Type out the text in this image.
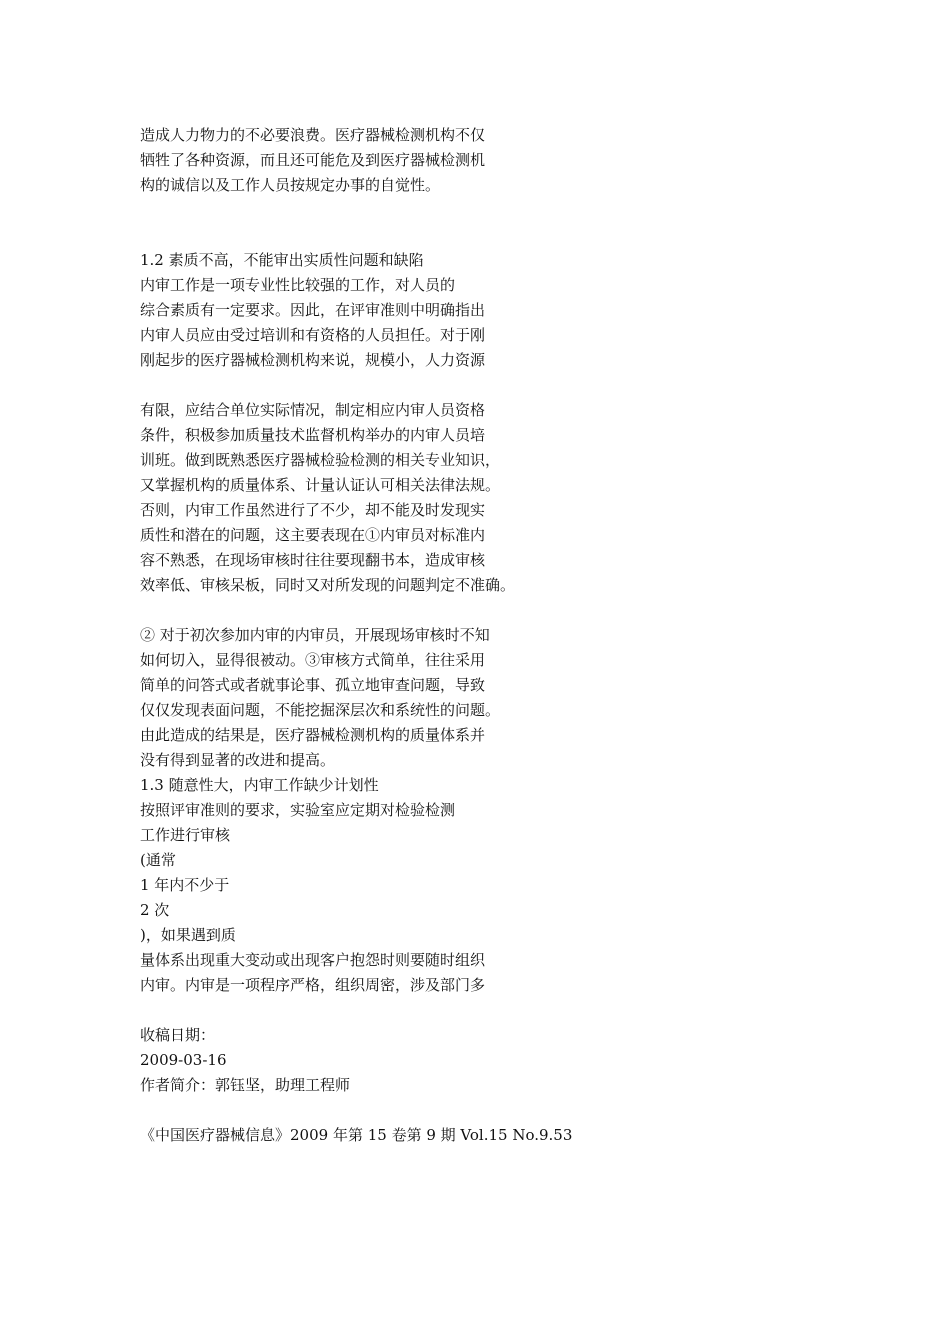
造成人力物力的不必要浪费。医疗器械检测机构不仅
牺牲了各种资源，而且还可能危及到医疗器械检测机
构的诚信以及工作人员按规定办事的自觉性。
1.2 素质不高，不能审出实质性问题和缺陷
内审工作是一项专业性比较强的工作，对人员的
综合素质有一定要求。因此，在评审准则中明确指出
内审人员应由受过培训和有资格的人员担任。对于刚
刚起步的医疗器械检测机构来说，规模小，人力资源
有限，应结合单位实际情况，制定相应内审人员资格
条件，积极参加质量技术监督机构举办的内审人员培
训班。做到既熟悉医疗器械检验检测的相关专业知识，
又掌握机构的质量体系、计量认证认可相关法律法规。
否则，内审工作虽然进行了不少，却不能及时发现实
质性和潜在的问题，这主要表现在①内审员对标准内
容不熟悉，在现场审核时往往要现翻书本，造成审核
效率低、审核呆板，同时又对所发现的问题判定不准确。
② 对于初次参加内审的内审员，开展现场审核时不知
如何切入，显得很被动。③审核方式简单，往往采用
简单的问答式或者就事论事、孤立地审查问题，导致
仅仅发现表面问题，不能挖掘深层次和系统性的问题。
由此造成的结果是，医疗器械检测机构的质量体系并
没有得到显著的改进和提高。
1.3 随意性大，内审工作缺少计划性
按照评审准则的要求，实验室应定期对检验检测
工作进行审核
(通常
1 年内不少于
2 次
)，如果遇到质
量体系出现重大变动或出现客户抱怨时则要随时组织
内审。内审是一项程序严格，组织周密，涉及部门多
收稿日期：
2009-03-16
作者简介：郭钰坚，助理工程师
《中国医疗器械信息》2009 年第 15 卷第 9 期 Vol.15 No.9.53
